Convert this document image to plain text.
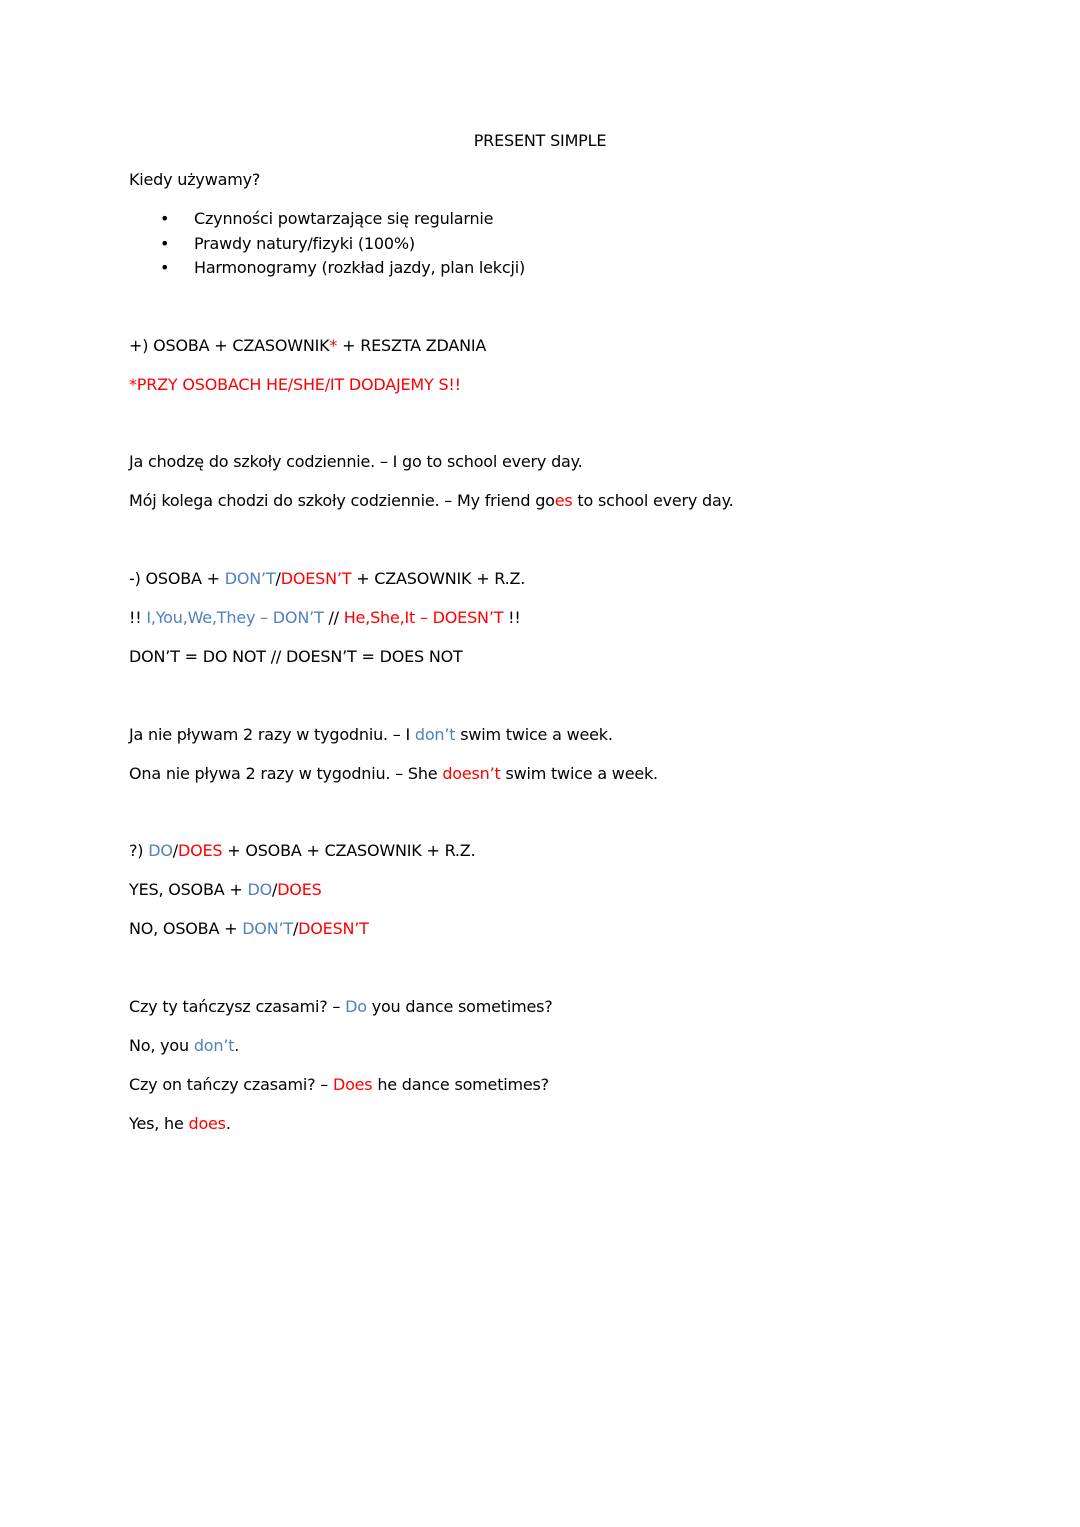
PRESENT SIMPLE
Kiedy używamy?
• Czynności powtarzające się regularnie
• Prawdy natury/fizyki (100%)
• Harmonogramy (rozkład jazdy, plan lekcji)
+) OSOBA + CZASOWNIK* + RESZTA ZDANIA
*PRZY OSOBACH HE/SHE/IT DODAJEMY S!!
Ja chodzę do szkoły codziennie. – I go to school every day.
Mój kolega chodzi do szkoły codziennie. – My friend goes to school every day.
-) OSOBA + DON’T/DOESN’T + CZASOWNIK + R.Z.
!! I,You,We,They – DON’T // He,She,It – DOESN’T !!
DON’T = DO NOT // DOESN’T = DOES NOT
Ja nie pływam 2 razy w tygodniu. – I don’t swim twice a week.
Ona nie pływa 2 razy w tygodniu. – She doesn’t swim twice a week.
?) DO/DOES + OSOBA + CZASOWNIK + R.Z.
YES, OSOBA + DO/DOES
NO, OSOBA + DON’T/DOESN’T
Czy ty tańczysz czasami? – Do you dance sometimes?
No, you don’t.
Czy on tańczy czasami? – Does he dance sometimes?
Yes, he does.
